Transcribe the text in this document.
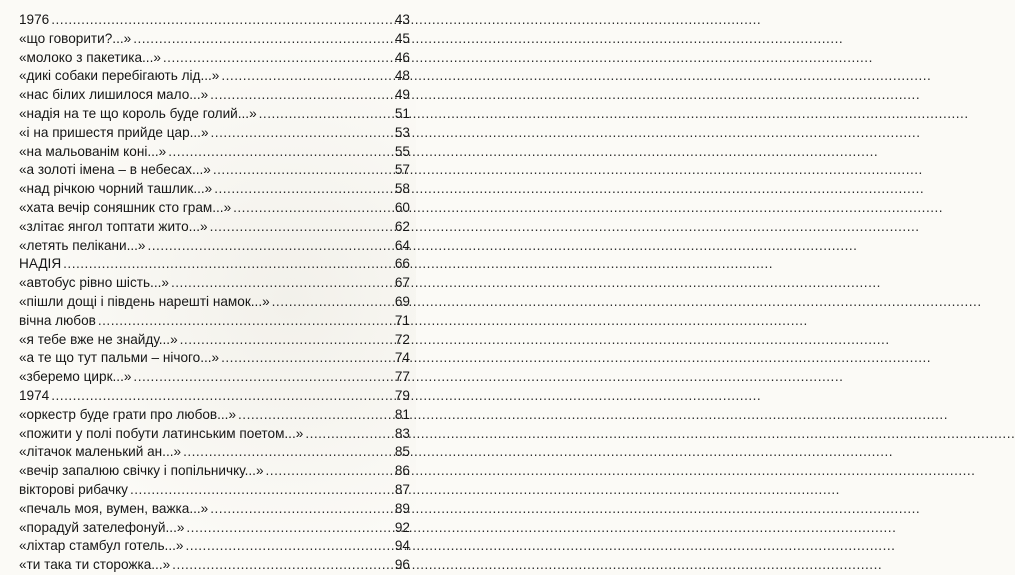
1976 .....	43
«що говорити?...» .....	45
«молоко з пакетика...» .....	46
«дикі собаки перебігають лід...» .....	48
«нас білих лишилося мало...» .....	49
«надія на те що король буде голий...» .....	51
«і на пришестя прийде цар...» .....	53
«на мальованім коні...» .....	55
«а золоті імена – в небесах...» .....	57
«над річкою чорний ташлик...» .....	58
«хата вечір соняшник сто грам...» .....	60
«злітає янгол топтати жито...» .....	62
«летять пелікани...» .....	64
НАДІЯ .....	66
«автобус рівно шість...» .....	67
«пішли дощі і південь нарешті намок...» .....	69
вічна любов .....	71
«я тебе вже не знайду...» .....	72
«а те що тут пальми – нічого...» .....	74
«зберемо цирк...» .....	77
1974 .....	79
«оркестр буде грати про любов...» .....	81
«пожити у полі побути латинським поетом...» .....	83
«літачок маленький ан...» .....	85
«вечір запалюю свічку і попільничку...» .....	86
вікторові рибачку .....	87
«печаль моя, вумен, важка...» .....	89
«порадуй зателефонуй...» .....	92
«ліхтар стамбул готель...» .....	94
«ти така ти сторожка...» .....	96
